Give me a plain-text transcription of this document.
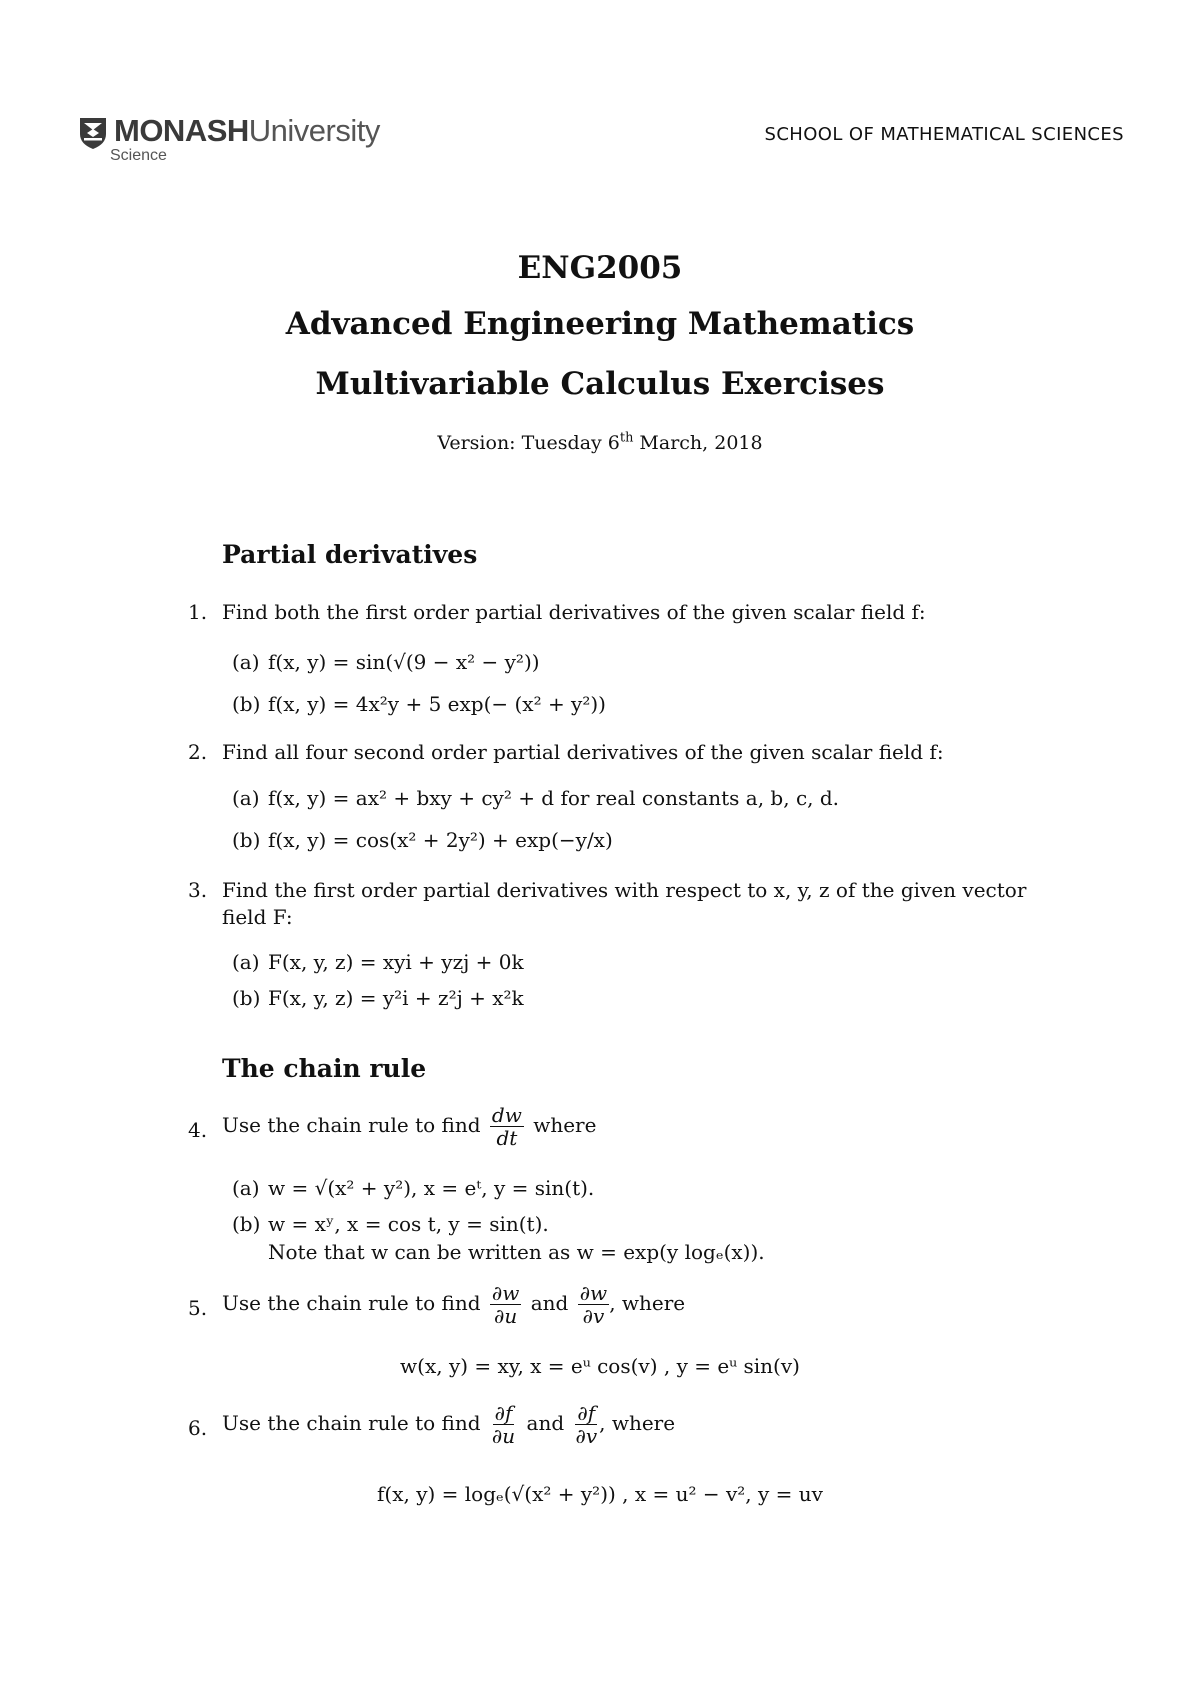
MONASHUniversity
Science
SCHOOL OF MATHEMATICAL SCIENCES
ENG2005
Advanced Engineering Mathematics
Multivariable Calculus Exercises
Version: Tuesday 6th March, 2018
Partial derivatives
1. Find both the first order partial derivatives of the given scalar field f:
(a) f(x, y) = sin(√(9 − x² − y²))
(b) f(x, y) = 4x²y + 5 exp(− (x² + y²))
2. Find all four second order partial derivatives of the given scalar field f:
(a) f(x, y) = ax² + bxy + cy² + d for real constants a, b, c, d.
(b) f(x, y) = cos(x² + 2y²) + exp(−y/x)
3. Find the first order partial derivatives with respect to x, y, z of the given vector
field F:
(a) F(x, y, z) = xyi + yzj + 0k
(b) F(x, y, z) = y²i + z²j + x²k
The chain rule
4. Use the chain rule to find $\frac{dw}{dt}$ where
(a) w = √(x² + y²), x = eᵗ, y = sin(t).
(b) w = xʸ, x = cos t, y = sin(t).
Note that w can be written as w = exp(y logₑ(x)).
5. Use the chain rule to find $\frac{\partial w}{\partial u}$ and $\frac{\partial w}{\partial v}$ , where
w(x, y) = xy, x = eᵘ cos(v) , y = eᵘ sin(v)
6. Use the chain rule to find $\frac{\partial f}{\partial u}$ and $\frac{\partial f}{\partial v}$ , where
f(x, y) = logₑ(√(x² + y²)) , x = u² − v², y = uv
